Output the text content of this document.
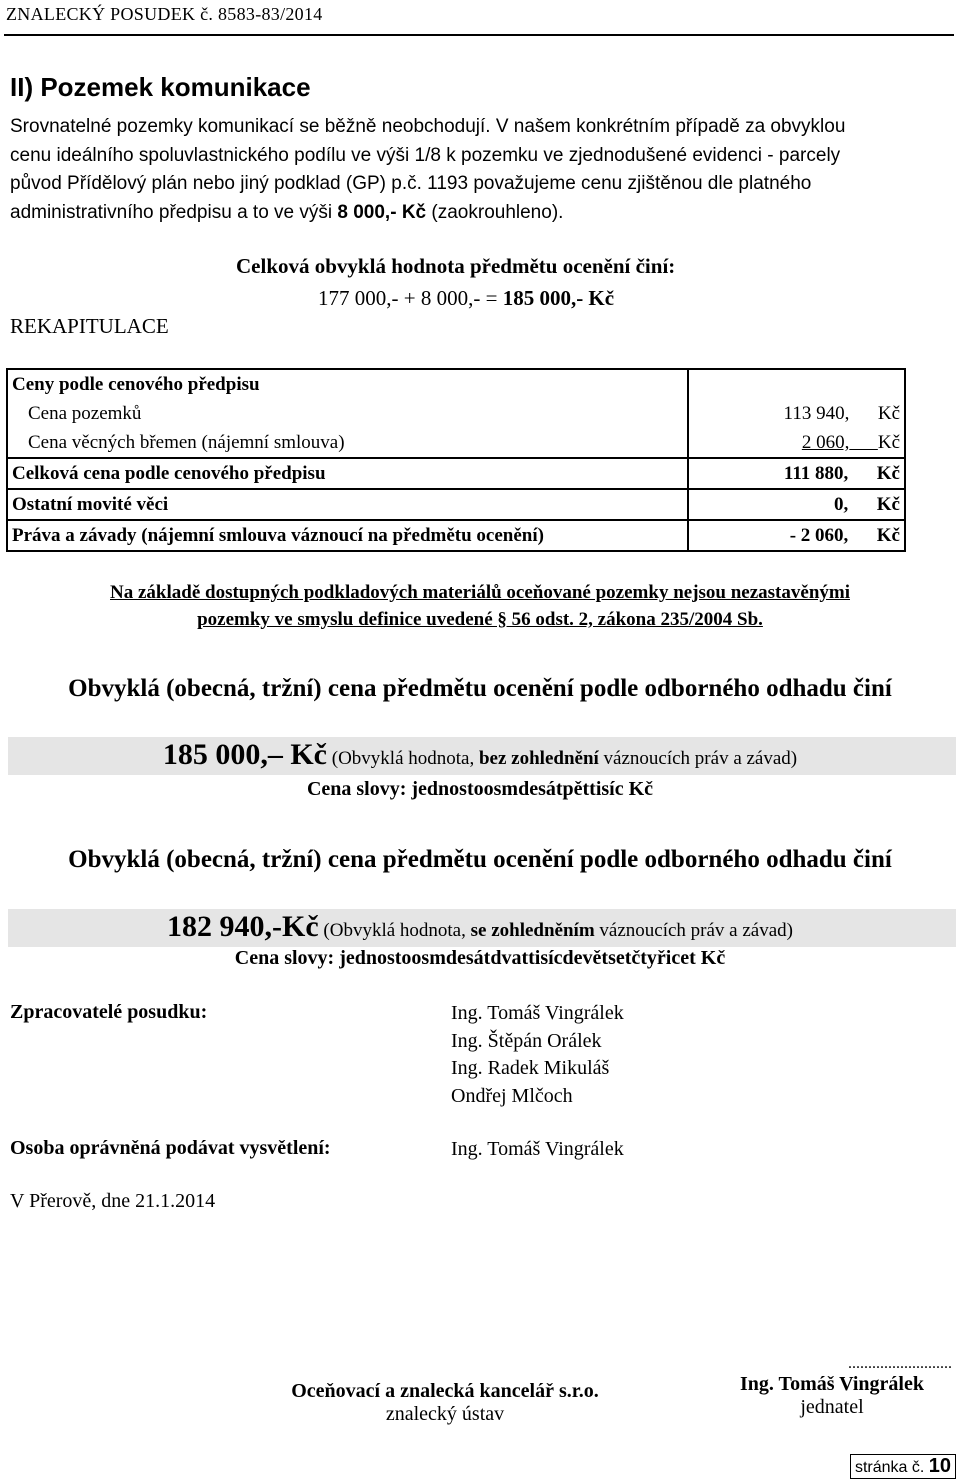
ZNALECKÝ POSUDEK č. 8583-83/2014
II) Pozemek komunikace
Srovnatelné pozemky komunikací se běžně neobchodují. V našem konkrétním případě za obvyklou
cenu ideálního spoluvlastnického podílu ve výši 1/8 k pozemku ve zjednodušené evidenci - parcely
původ Přídělový plán nebo jiný podklad (GP) p.č. 1193 považujeme cenu zjištěnou dle platného
administrativního předpisu a to ve výši 8 000,- Kč (zaokrouhleno).
Celková obvyklá hodnota předmětu ocenění činí:
177 000,- + 8 000,- = 185 000,- Kč
REKAPITULACE
Ceny podle cenového předpisu	
Cena pozemků	113 940, Kč
Cena věcných břemen (nájemní smlouva)	2 060, Kč
Celková cena podle cenového předpisu	111 880, Kč
Ostatní movité věci	0, Kč
Práva a závady (nájemní smlouva váznoucí na předmětu ocenění)	- 2 060, Kč
Na základě dostupných podkladových materiálů oceňované pozemky nejsou nezastavěnými
pozemky ve smyslu definice uvedené § 56 odst. 2, zákona 235/2004 Sb.
Obvyklá (obecná, tržní) cena předmětu ocenění podle odborného odhadu činí
185 000,– Kč (Obvyklá hodnota, bez zohlednění váznoucích práv a závad)
Cena slovy: jednostoosmdesátpěttisíc Kč
Obvyklá (obecná, tržní) cena předmětu ocenění podle odborného odhadu činí
182 940,-Kč (Obvyklá hodnota, se zohledněním váznoucích práv a závad)
Cena slovy: jednostoosmdesátdvattisícdevětsetčtyřicet Kč
Zpracovatelé posudku:	Ing. Tomáš Vingrálek
Ing. Štěpán Orálek
Ing. Radek Mikuláš
Ondřej Mlčoch
Osoba oprávněná podávat vysvětlení:	Ing. Tomáš Vingrálek
V Přerově, dne 21.1.2014
Oceňovací a znalecká kancelář s.r.o.
znalecký ústav
..........................
Ing. Tomáš Vingrálek
jednatel
stránka č. 10
